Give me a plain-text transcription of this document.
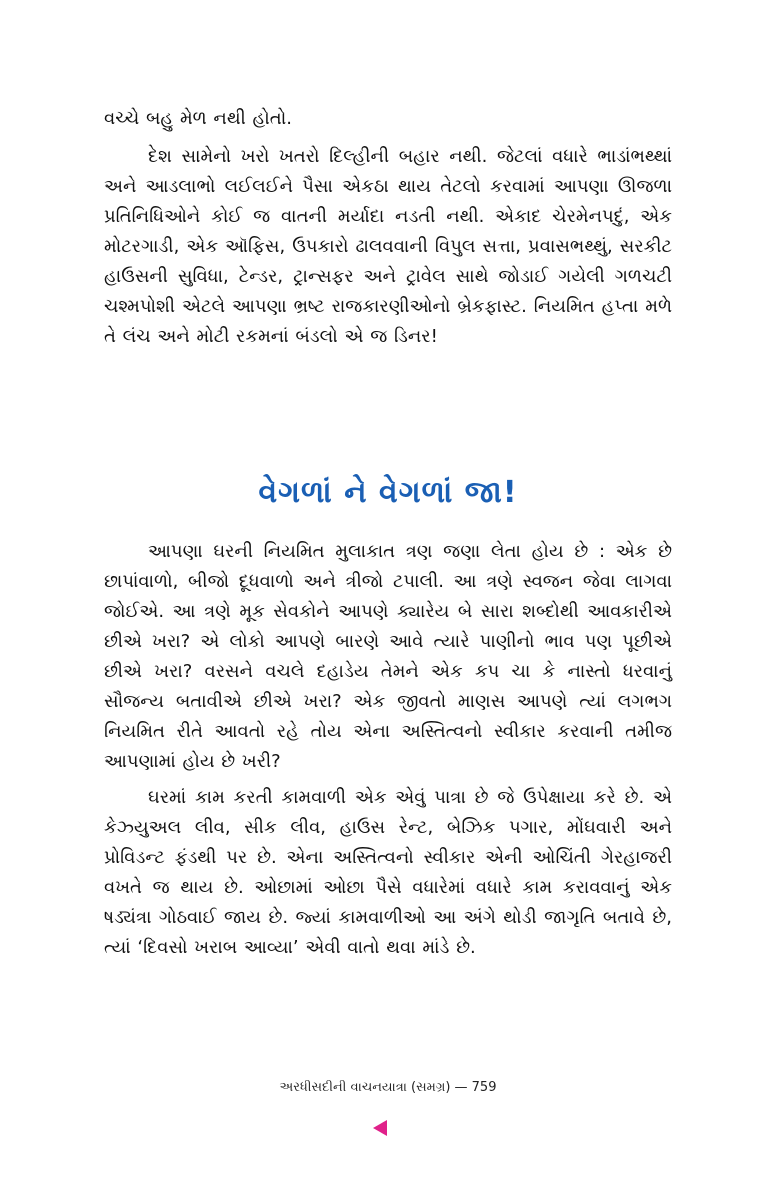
વચ્ચે બહુ મેળ નથી હોતો.

દેશ સામેનો ખરો ખતરો દિલ્હીની બહાર નથી. જેટલાં વધારે ભાડાંભથ્થાં અને આડલાભો લઈલઈને પૈસા એકઠા થાય તેટલો કરવામાં આપણા ઊજળા પ્રતિનિધિઓને કોઈ જ વાતની મર્યાદા નડતી નથી. એકાદ ચેરમેનપદું, એક મોટરગાડી, એક ઑફિસ, ઉપકારો ઢાલવવાની વિપુલ સત્તા, પ્રવાસભથ્થું, સરકીટ હાઉસની સુવિધા, ટેન્ડર, ટ્રાન્સફર અને ટ્રાવેલ સાથે જોડાઈ ગયેલી ગળચટી ચશ્મપોશી એટલે આપણા ભ્રષ્ટ રાજકારણીઓનો બ્રેકફાસ્ટ. નિયમિત હપ્તા મળે તે લંચ અને મોટી રકમનાં બંડલો એ જ ડિનર!

વેગળાં ને વેગળાં જા!

આપણા ઘરની નિયમિત મુલાકાત ત્રણ જણા લેતા હોય છે : એક છે છાપાંવાળો, બીજો દૂધવાળો અને ત્રીજો ટપાલી. આ ત્રણે સ્વજન જેવા લાગવા જોઈએ. આ ત્રણે મૂક સેવકોને આપણે ક્યારેય બે સારા શબ્દોથી આવકારીએ છીએ ખરા? એ લોકો આપણે બારણે આવે ત્યારે પાણીનો ભાવ પણ પૂછીએ છીએ ખરા? વરસને વચલે દહાડેય તેમને એક કપ ચા કે નાસ્તો ધરવાનું સૌજન્ય બતાવીએ છીએ ખરા? એક જીવતો માણસ આપણે ત્યાં લગભગ નિયમિત રીતે આવતો રહે તોય એના અસ્તિત્વનો સ્વીકાર કરવાની તમીજ આપણામાં હોય છે ખરી?

ઘરમાં કામ કરતી કામવાળી એક એવું પાત્રા છે જે ઉપેક્ષાયા કરે છે. એ કેઝ્યુઅલ લીવ, સીક લીવ, હાઉસ રેન્ટ, બેઝિક પગાર, મોંઘવારી અને પ્રોવિડન્ટ ફંડથી પર છે. એના અસ્તિત્વનો સ્વીકાર એની ઓચિંતી ગેરહાજરી વખતે જ થાય છે. ઓછામાં ઓછા પૈસે વધારેમાં વધારે કામ કરાવવાનું એક ષડ્યંત્રા ગોઠવાઈ જાય છે. જ્યાં કામવાળીઓ આ અંગે થોડી જાગૃતિ બતાવે છે, ત્યાં ‘દિવસો ખરાબ આવ્યા’ એવી વાતો થવા માંડે છે.

અરધીસદીની વાચનયાત્રા (સમગ્ર) — 759
